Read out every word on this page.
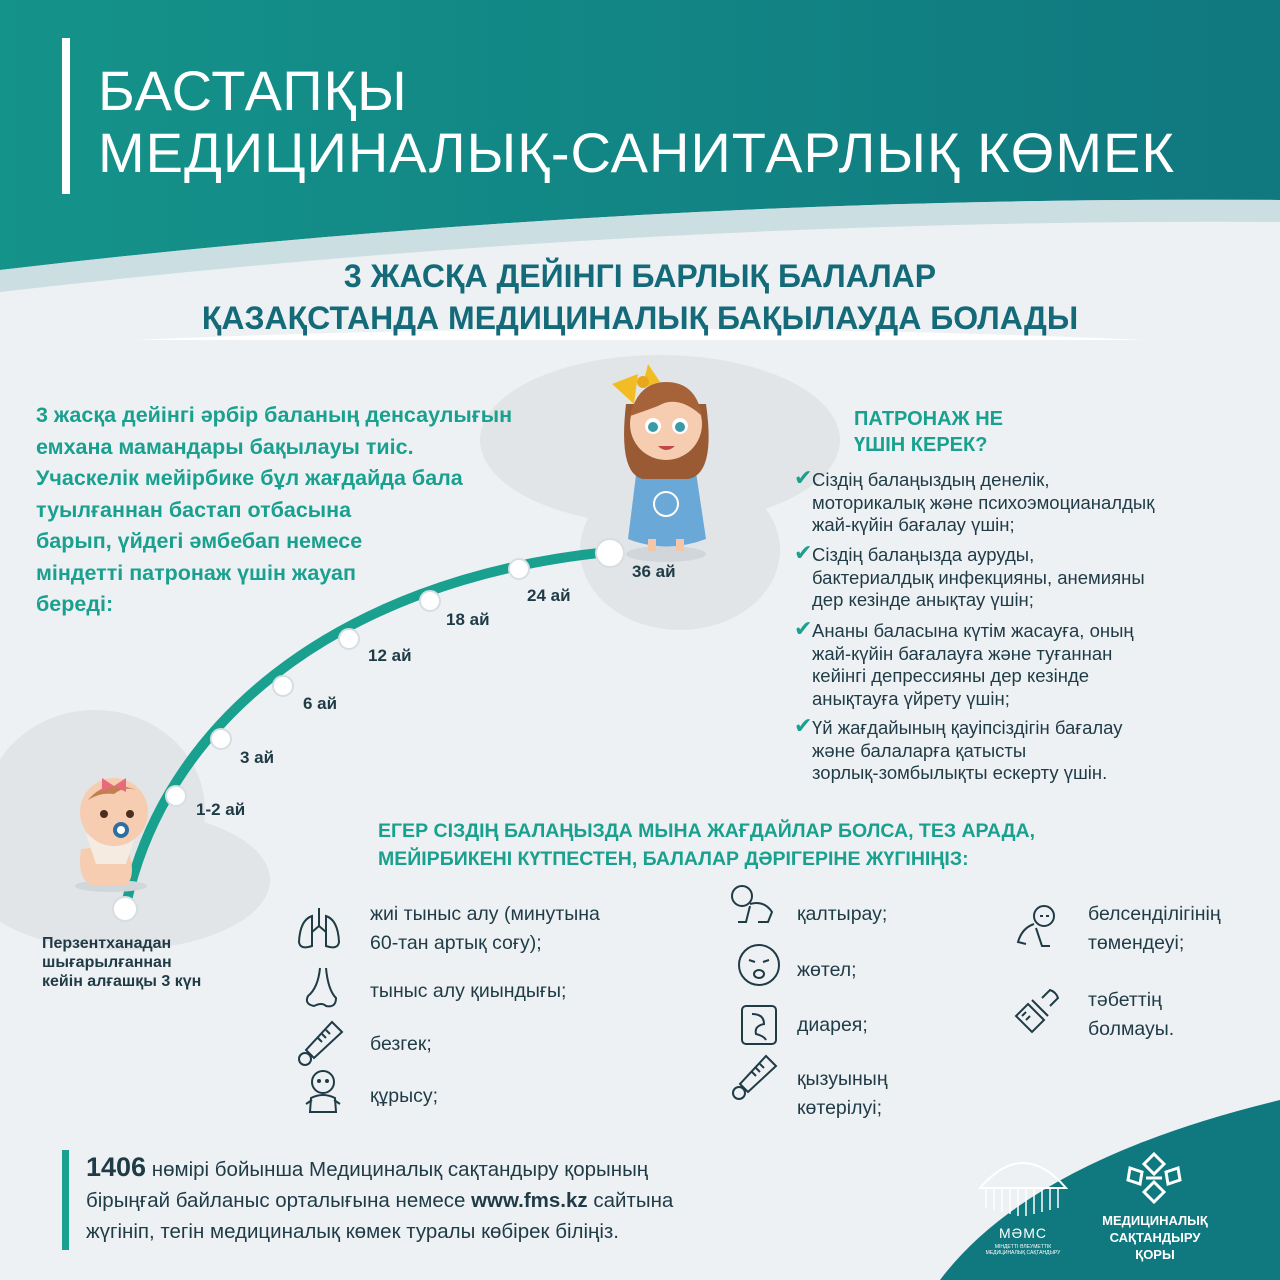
БАСТАПҚЫ
МЕДИЦИНАЛЫҚ-САНИТАРЛЫҚ КӨМЕК
3 ЖАСҚА ДЕЙІНГІ БАРЛЫҚ БАЛАЛАР
ҚАЗАҚСТАНДА МЕДИЦИНАЛЫҚ БАҚЫЛАУДА БОЛАДЫ
1-2 ай
3 ай
6 ай
12 ай
18 ай
24 ай
36 ай
Перзентханадан
шығарылғаннан
кейін алғашқы 3 күн
3 жасқа дейінгі әрбір баланың денсаулығын
емхана мамандары бақылауы тиіс.
Учаскелік мейірбике бұл жағдайда бала
туылғаннан бастап отбасына
барып, үйдегі әмбебап немесе
міндетті патронаж үшін жауап
береді:
ПАТРОНАЖ НЕ
ҮШІН КЕРЕК?
✔ Сіздің балаңыздың денелік,
моторикалық және психоэмоцианалдық
жай-күйін бағалау үшін;
✔ Сіздің балаңызда ауруды,
бактериалдық инфекцияны, анемияны
дер кезінде анықтау үшін;
✔ Ананы баласына күтім жасауға, оның
жай-күйін бағалауға және туғаннан
кейінгі депрессияны дер кезінде
анықтауға үйрету үшін;
✔ Үй жағдайының қауіпсіздігін бағалау
және балаларға қатысты
зорлық-зомбылықты ескерту үшін.
ЕГЕР СІЗДІҢ БАЛАҢЫЗДА МЫНА ЖАҒДАЙЛАР БОЛСА, ТЕЗ АРАДА,
МЕЙІРБИКЕНІ КҮТПЕСТЕН, БАЛАЛАР ДӘРІГЕРІНЕ ЖҮГІНІҢІЗ:
жиі тыныс алу (минутына
60-тан артық соғу);
тыныс алу қиындығы;
безгек;
құрысу;
қалтырау;
жөтел;
диарея;
қызуының
көтерілуі;
белсенділігінің
төмендеуі;
тәбеттің
болмауы.
1406 нөмірі бойынша Медициналық сақтандыру қорының
бірыңғай байланыс орталығына немесе www.fms.kz сайтына
жүгініп, тегін медициналық көмек туралы көбірек біліңіз.	МӘМС
МІНДЕТТІ ӘЛЕУМЕТТІК МЕДИЦИНАЛЫҚ САҚТАНДЫРУ
МЕДИЦИНАЛЫҚ
САҚТАНДЫРУ
ҚОРЫ
